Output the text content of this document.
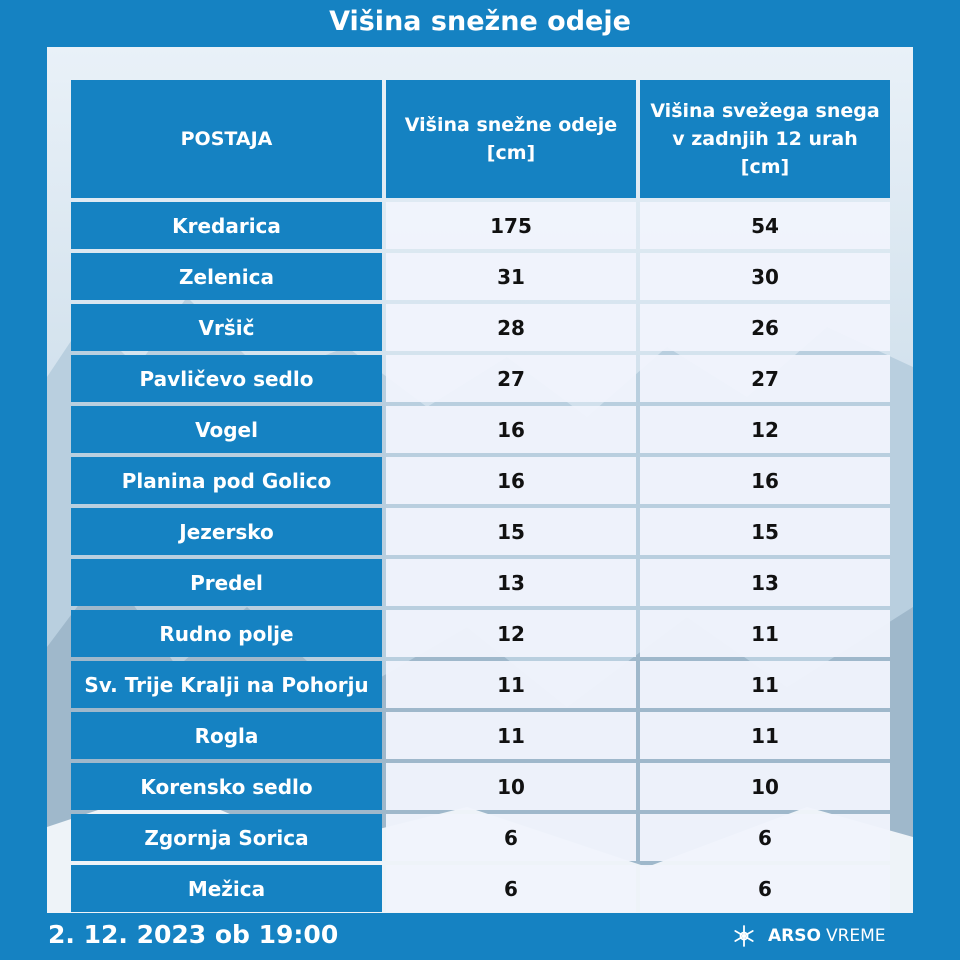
Višina snežne odeje
POSTAJA	Višina snežne odeje [cm]	Višina svežega snega v zadnjih 12 urah [cm]
Kredarica	175	54
Zelenica	31	30
Vršič	28	26
Pavličevo sedlo	27	27
Vogel	16	12
Planina pod Golico	16	16
Jezersko	15	15
Predel	13	13
Rudno polje	12	11
Sv. Trije Kralji na Pohorju	11	11
Rogla	11	11
Korensko sedlo	10	10
Zgornja Sorica	6	6
Mežica	6	6
2. 12. 2023 ob 19:00	ARSO VREME
